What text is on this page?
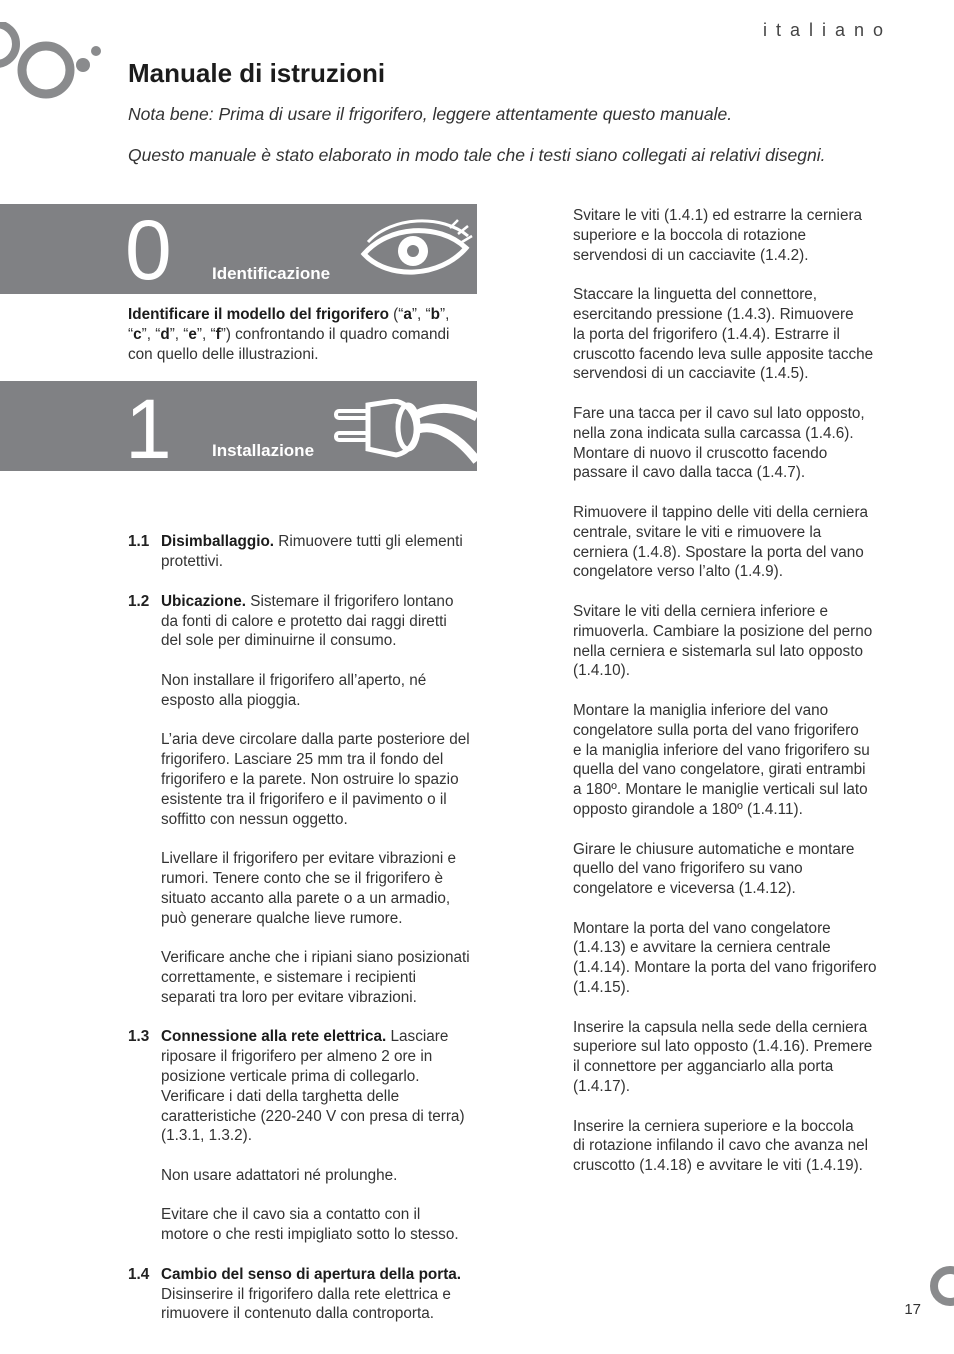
italiano
Manuale di istruzioni

Nota bene: Prima di usare il frigorifero, leggere attentamente questo manuale.

Questo manuale è stato elaborato in modo tale che i testi siano collegati ai relativi disegni.

0 Identificazione

Identificare il modello del frigorifero (“a”, “b”,
“c”, “d”, “e”, “f”) confrontando il quadro comandi
con quello delle illustrazioni.

1.1 Disimballaggio. Rimuovere tutti gli elementi
protettivi.
1.2 Ubicazione. Sistemare il frigorifero lontano
da fonti di calore e protetto dai raggi diretti
del sole per diminuirne il consumo.

Non installare il frigorifero all’aperto, né
esposto alla pioggia.

L’aria deve circolare dalla parte posteriore del
frigorifero. Lasciare 25 mm tra il fondo del
frigorifero e la parete. Non ostruire lo spazio
esistente tra il frigorifero e il pavimento o il
soffitto con nessun oggetto.

Livellare il frigorifero per evitare vibrazioni e
rumori. Tenere conto che se il frigorifero è
situato accanto alla parete o a un armadio,
può generare qualche lieve rumore.

Verificare anche che i ripiani siano posizionati
correttamente, e sistemare i recipienti
separati tra loro per evitare vibrazioni.

1.3 Connessione alla rete elettrica. Lasciare
riposare il frigorifero per almeno 2 ore in
posizione verticale prima di collegarlo.
Verificare i dati della targhetta delle
caratteristiche (220-240 V con presa di terra)
(1.3.1, 1.3.2).

Non usare adattatori né prolunghe.

Evitare che il cavo sia a contatto con il
motore o che resti impigliato sotto lo stesso.

1.4 Cambio del senso di apertura della porta.
Disinserire il frigorifero dalla rete elettrica e
rimuovere il contenuto dalla controporta.
1 Installazione

Svitare le viti (1.4.1) ed estrarre la cerniera
superiore e la boccola di rotazione
servendosi di un cacciavite (1.4.2).

Staccare la linguetta del connettore,
esercitando pressione (1.4.3). Rimuovere
la porta del frigorifero (1.4.4). Estrarre il
cruscotto facendo leva sulle apposite tacche
servendosi di un cacciavite (1.4.5).

Fare una tacca per il cavo sul lato opposto,
nella zona indicata sulla carcassa (1.4.6).
Montare di nuovo il cruscotto facendo
passare il cavo dalla tacca (1.4.7).

Rimuovere il tappino delle viti della cerniera
centrale, svitare le viti e rimuovere la
cerniera (1.4.8). Spostare la porta del vano
congelatore verso l’alto (1.4.9).

Svitare le viti della cerniera inferiore e
rimuoverla. Cambiare la posizione del perno
nella cerniera e sistemarla sul lato opposto
(1.4.10).

Montare la maniglia inferiore del vano
congelatore sulla porta del vano frigorifero
e la maniglia inferiore del vano frigorifero su
quella del vano congelatore, girati entrambi
a 180º. Montare le maniglie verticali sul lato
opposto girandole a 180º (1.4.11).

Girare le chiusure automatiche e montare
quello del vano frigorifero su vano
congelatore e viceversa (1.4.12).

Montare la porta del vano congelatore
(1.4.13) e avvitare la cerniera centrale
(1.4.14). Montare la porta del vano frigorifero
(1.4.15).

Inserire la capsula nella sede della cerniera
superiore sul lato opposto (1.4.16). Premere
il connettore per agganciarlo alla porta
(1.4.17).

Inserire la cerniera superiore e la boccola
di rotazione infilando il cavo che avanza nel
cruscotto (1.4.18) e avvitare le viti (1.4.19).

17
